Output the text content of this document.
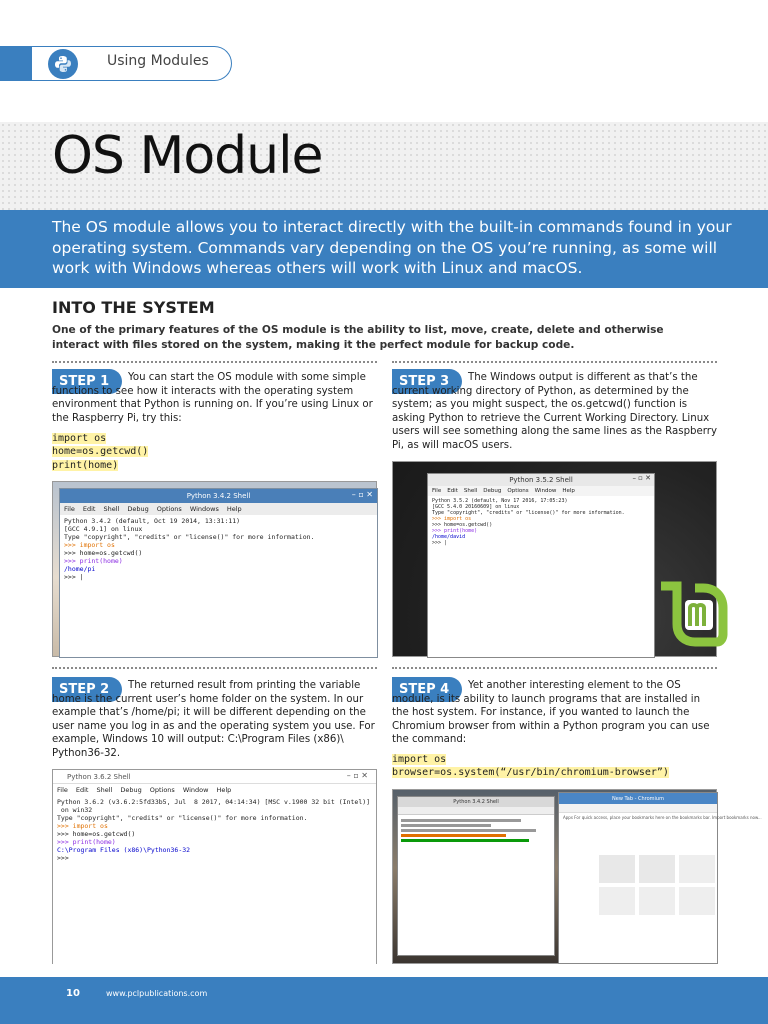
Using Modules
OS Module

The OS module allows you to interact directly with the built-in commands found in your operating system. Commands vary depending on the OS you’re running, as some will work with Windows whereas others will work with Linux and macOS.

INTO THE SYSTEM

One of the primary features of the OS module is the ability to list, move, create, delete and otherwise interact with files stored on the system, making it the perfect module for backup code.

STEP 1	You can start the OS module with some simple functions to see how it interacts with the operating system environment that Python is running on. If you’re using Linux or the Raspberry Pi, try this:
import os
home=os.getcwd()
print(home)
Python 3.4.2 Shell	– ▫ ✕
File Edit Shell Debug Options Windows Help
Python 3.4.2 (default, Oct 19 2014, 13:31:11)
[GCC 4.9.1] on linux
Type "copyright", "credits" or "license()" for more information.
>>> import os
>>> home=os.getcwd()
>>> print(home)
/home/pi
>>> |
STEP 2	The returned result from printing the variable home is the current user’s home folder on the system. In our example that’s /home/pi; it will be different depending on the user name you log in as and the operating system you use. For example, Windows 10 will output: C:\Program Files (x86)\ Python36-32.
Python 3.6.2 Shell	– ▫ ✕
File Edit Shell Debug Options Window Help
Python 3.6.2 (v3.6.2:5fd33b5, Jul  8 2017, 04:14:34) [MSC v.1900 32 bit (Intel)]
on win32
Type "copyright", "credits" or "license()" for more information.
>>> import os
>>> home=os.getcwd()
>>> print(home)
C:\Program Files (x86)\Python36-32
>>>
STEP 3	The Windows output is different as that’s the current working directory of Python, as determined by the system; as you might suspect, the os.getcwd() function is asking Python to retrieve the Current Working Directory. Linux users will see something along the same lines as the Raspberry Pi, as will macOS users.
Python 3.5.2 Shell	– ▫ ✕
File Edit Shell Debug Options Window Help
Python 3.5.2 (default, Nov 17 2016, 17:05:23)
[GCC 5.4.0 20160609] on linux
Type "copyright", "credits" or "license()" for more information.
>>> import os
>>> home=os.getcwd()
>>> print(home)
/home/david
>>> |
STEP 4	Yet another interesting element to the OS module, is its ability to launch programs that are installed in the host system. For instance, if you wanted to launch the Chromium browser from within a Python program you can use the command:
import os
browser=os.system(“/usr/bin/chromium-browser”)
Python 3.4.2 Shell
New Tab - Chromium
Apps For quick access, place your bookmarks here on the bookmarks bar. Import bookmarks now...
10	www.pclpublications.com
